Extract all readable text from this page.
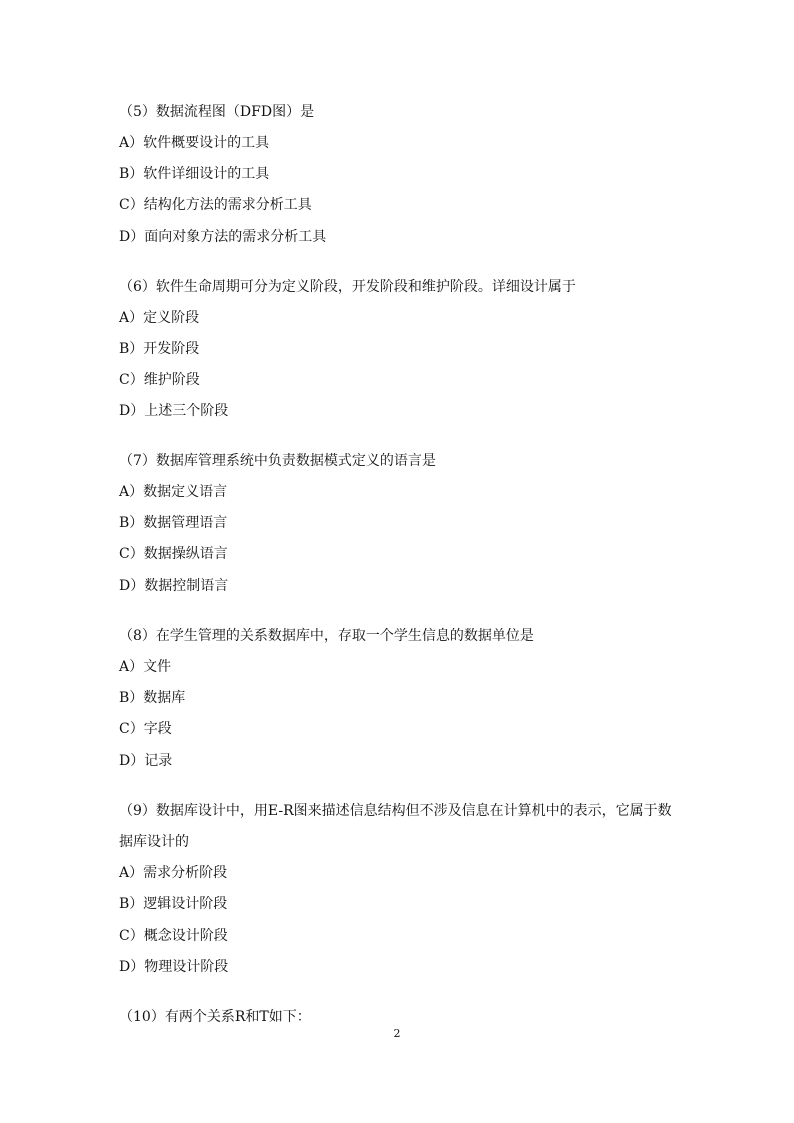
（5）数据流程图（DFD图）是
A）软件概要设计的工具
B）软件详细设计的工具
C）结构化方法的需求分析工具
D）面向对象方法的需求分析工具
（6）软件生命周期可分为定义阶段，开发阶段和维护阶段。详细设计属于
A）定义阶段
B）开发阶段
C）维护阶段
D）上述三个阶段
（7）数据库管理系统中负责数据模式定义的语言是
A）数据定义语言
B）数据管理语言
C）数据操纵语言
D）数据控制语言
（8）在学生管理的关系数据库中，存取一个学生信息的数据单位是
A）文件
B）数据库
C）字段
D）记录
（9）数据库设计中，用E-R图来描述信息结构但不涉及信息在计算机中的表示，它属于数
据库设计的
A）需求分析阶段
B）逻辑设计阶段
C）概念设计阶段
D）物理设计阶段
（10）有两个关系R和T如下：
2
